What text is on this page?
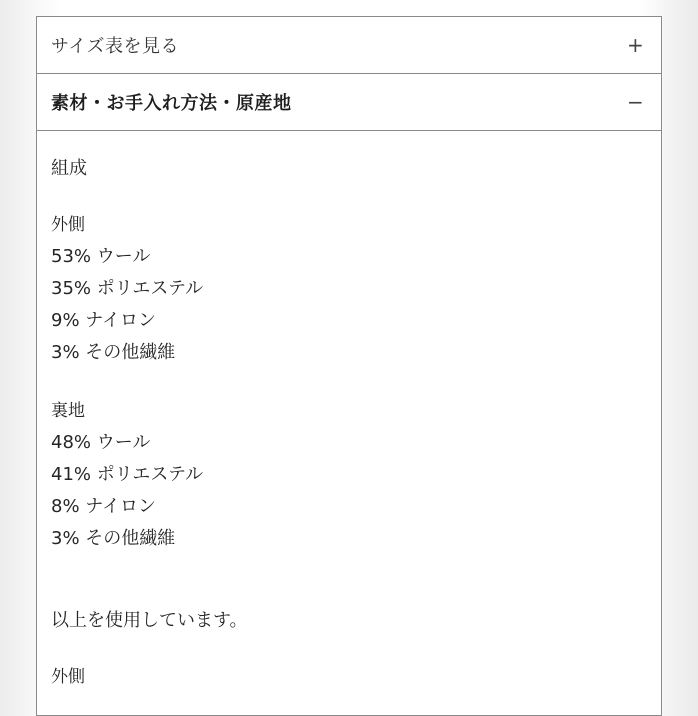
サイズ表を見る	+
素材・お手入れ方法・原産地	−
組成
外側
53% ウール
35% ポリエステル
9% ナイロン
3% その他繊維
裏地
48% ウール
41% ポリエステル
8% ナイロン
3% その他繊維
以上を使用しています。
外側
